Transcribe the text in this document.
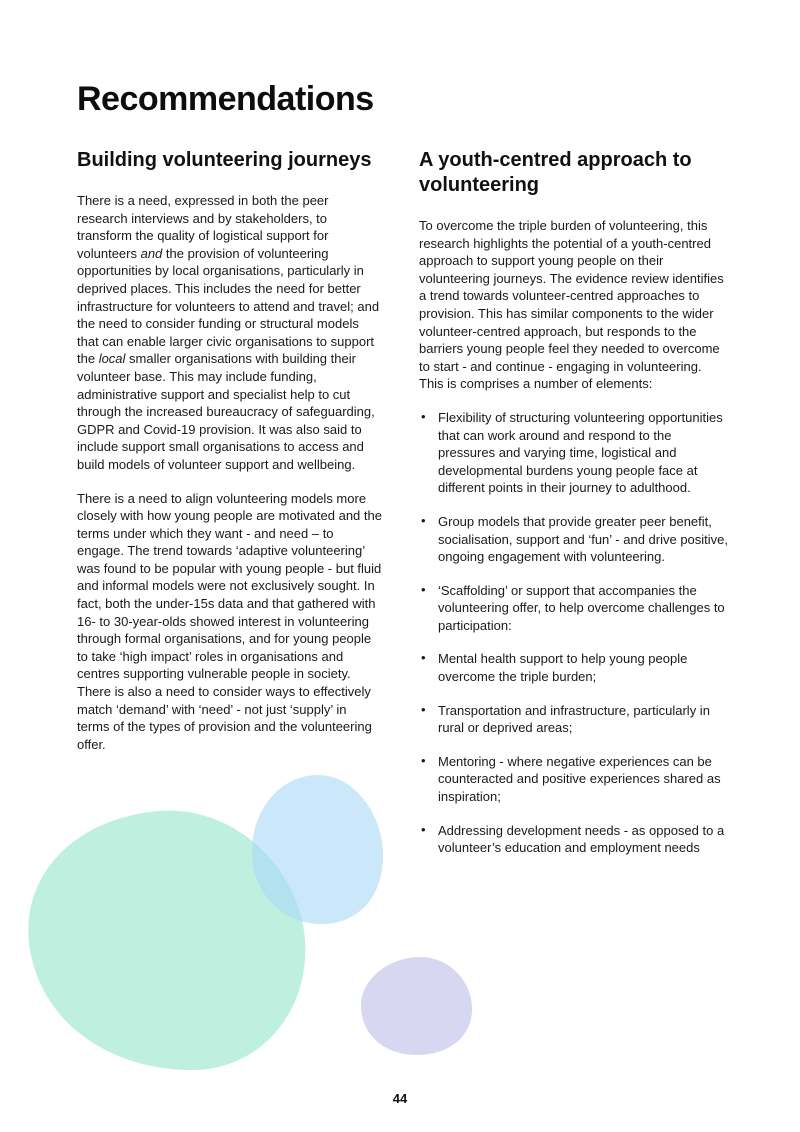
Recommendations
Building volunteering journeys

There is a need, expressed in both the peer research interviews and by stakeholders, to transform the quality of logistical support for volunteers and the provision of volunteering opportunities by local organisations, particularly in deprived places. This includes the need for better infrastructure for volunteers to attend and travel; and the need to consider funding or structural models that can enable larger civic organisations to support the local smaller organisations with building their volunteer base. This may include funding, administrative support and specialist help to cut through the increased bureaucracy of safeguarding, GDPR and Covid-19 provision. It was also said to include support small organisations to access and build models of volunteer support and wellbeing.

There is a need to align volunteering models more closely with how young people are motivated and the terms under which they want - and need – to engage. The trend towards ‘adaptive volunteering’ was found to be popular with young people - but fluid and informal models were not exclusively sought. In fact, both the under-15s data and that gathered with 16- to 30-year-olds showed interest in volunteering through formal organisations, and for young people to take ‘high impact’ roles in organisations and centres supporting vulnerable people in society. There is also a need to consider ways to effectively match ‘demand’ with ‘need’ - not just ‘supply’ in terms of the types of provision and the volunteering offer.

A youth-centred approach to volunteering

To overcome the triple burden of volunteering, this research highlights the potential of a youth-centred approach to support young people on their volunteering journeys. The evidence review identifies a trend towards volunteer-centred approaches to provision. This has similar components to the wider volunteer-centred approach, but responds to the barriers young people feel they needed to overcome to start - and continue - engaging in volunteering. This is comprises a number of elements:

• Flexibility of structuring volunteering opportunities that can work around and respond to the pressures and varying time, logistical and developmental burdens young people face at different points in their journey to adulthood.
• Group models that provide greater peer benefit, socialisation, support and ‘fun’ - and drive positive, ongoing engagement with volunteering.
• ‘Scaffolding’ or support that accompanies the volunteering offer, to help overcome challenges to participation:
• Mental health support to help young people overcome the triple burden;
• Transportation and infrastructure, particularly in rural or deprived areas;
• Mentoring - where negative experiences can be counteracted and positive experiences shared as inspiration;
• Addressing development needs - as opposed to a volunteer’s education and employment needs
44
